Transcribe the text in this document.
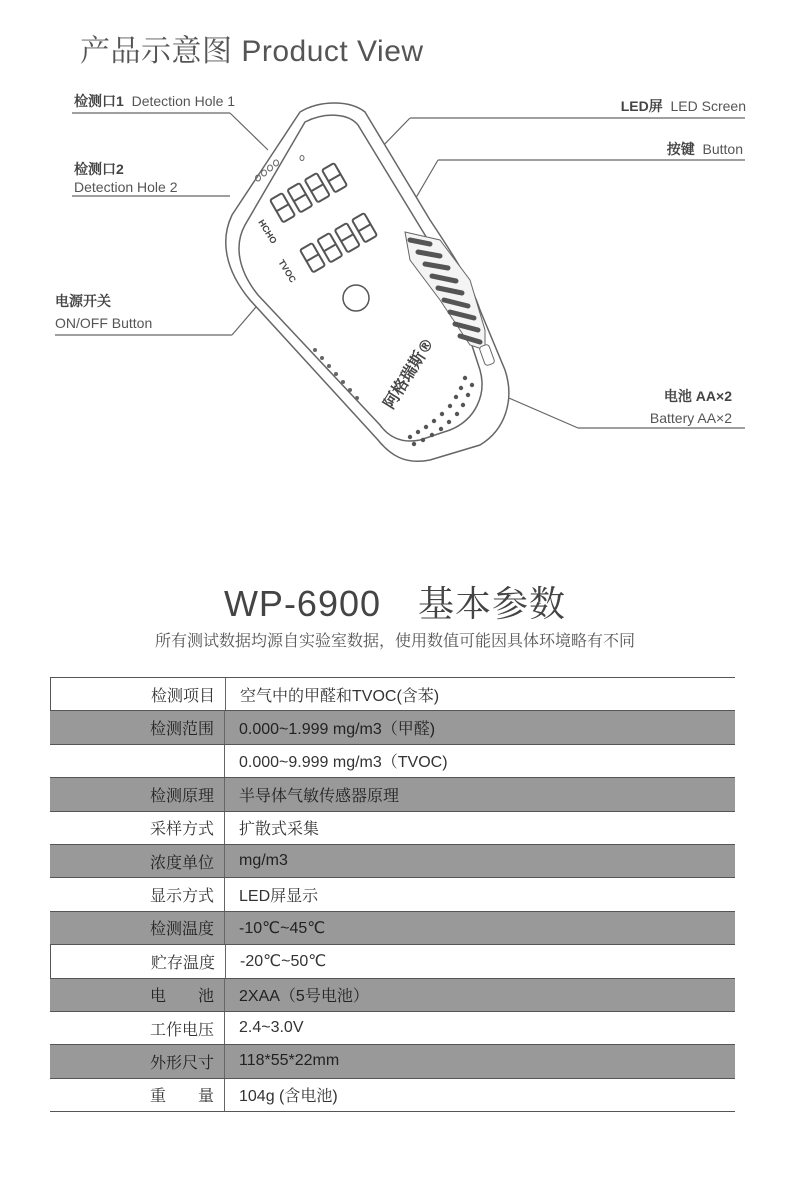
产品示意图 Product View
检测口1 Detection Hole 1
检测口2
Detection Hole 2
电源开关
ON/OFF Button
LED屏 LED Screen
按键 Button
电池 AA×2
Battery AA×2
HCHO
TVOC
阿格瑞斯®
WP-6900　基本参数
所有测试数据均源自实验室数据，使用数值可能因具体环境略有不同
检测项目	空气中的甲醛和TVOC(含苯)
检测范围	0.000~1.999 mg/m3（甲醛)
0.000~9.999 mg/m3（TVOC)
检测原理	半导体气敏传感器原理
采样方式	扩散式采集
浓度单位	mg/m3
显示方式	LED屏显示
检测温度	-10℃~45℃
贮存温度	-20℃~50℃
电　　池	2XAA（5号电池）
工作电压	2.4~3.0V
外形尺寸	118*55*22mm
重　　量	104g (含电池)
